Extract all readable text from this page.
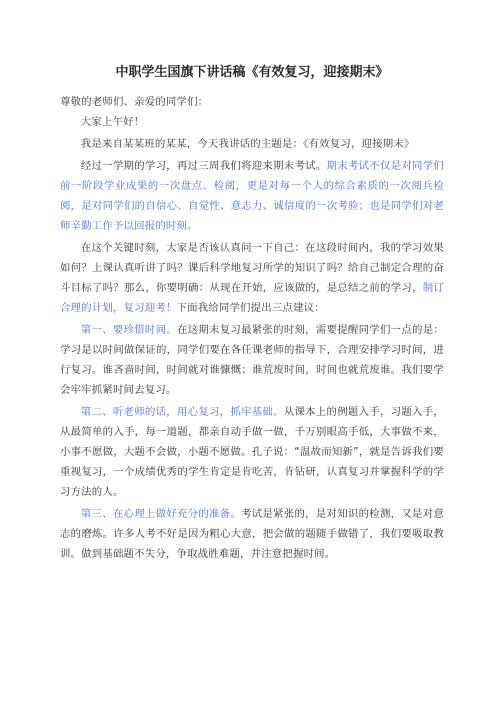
中职学生国旗下讲话稿《有效复习，迎接期末》

尊敬的老师们、亲爱的同学们：

大家上午好！

我是来自某某班的某某，今天我讲话的主题是：《有效复习，迎接期末》

经过一学期的学习，再过三周我们将迎来期末考试。期末考试不仅是对同学们前一阶段学业成果的一次盘点、检阅，更是对每一个人的综合素质的一次阅兵检阅，是对同学们的自信心、自觉性、意志力、诚信度的一次考验；也是同学们对老师辛勤工作予以回报的时刻。

在这个关键时刻，大家是否该认真问一下自己：在这段时间内，我的学习效果如何？上课认真听讲了吗？课后科学地复习所学的知识了吗？给自己制定合理的奋斗目标了吗？那么，你要明确：从现在开始，应该做的，是总结之前的学习，制订合理的计划，复习迎考！下面我给同学们提出三点建议：

第一、要珍惜时间。在这期末复习最紧张的时刻，需要提醒同学们一点的是：学习是以时间做保证的，同学们要在各任课老师的指导下，合理安排学习时间，进行复习。谁吝啬时间，时间就对谁慷慨；谁荒废时间，时间也就荒废谁。我们要学会牢牢抓紧时间去复习。

第二、听老师的话，用心复习，抓牢基础。从课本上的例题入手，习题入手，从最简单的入手，每一道题，都亲自动手做一做，千万别眼高手低，大事做不来，小事不愿做，大题不会做，小题不愿做。孔子说：“温故而知新”，就是告诉我们要重视复习，一个成绩优秀的学生肯定是肯吃苦，肯钻研，认真复习并掌握科学的学习方法的人。

第三、在心理上做好充分的准备。考试是紧张的，是对知识的检测，又是对意志的磨炼。许多人考不好是因为粗心大意，把会做的题随手做错了，我们要吸取教训。做到基础题不失分，争取战胜难题，并注意把握时间。
